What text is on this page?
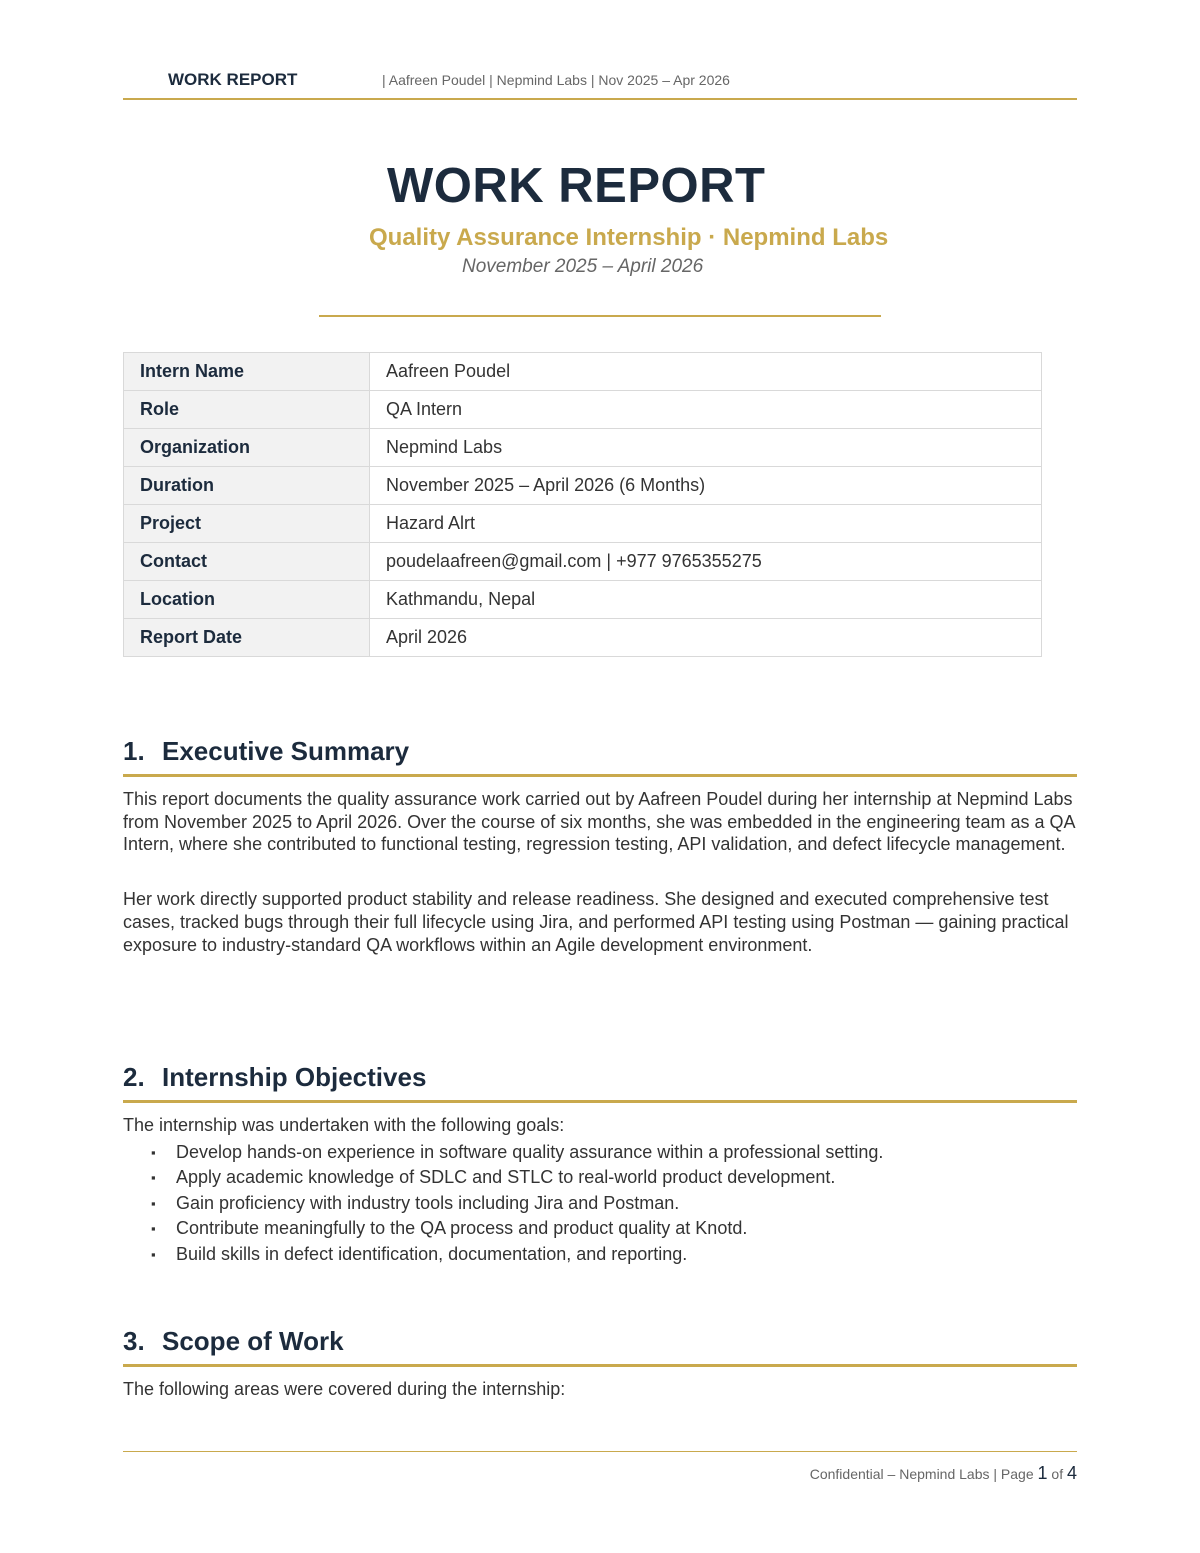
WORK REPORT	| Aafreen Poudel | Nepmind Labs | Nov 2025 – Apr 2026
WORK REPORT
Quality Assurance Internship · Nepmind Labs
November 2025 – April 2026
Intern Name	Aafreen Poudel
Role	QA Intern
Organization	Nepmind Labs
Duration	November 2025 – April 2026 (6 Months)
Project	Hazard Alrt
Contact	poudelaafreen@gmail.com | +977 9765355275
Location	Kathmandu, Nepal
Report Date	April 2026
1. Executive Summary

This report documents the quality assurance work carried out by Aafreen Poudel during her internship at Nepmind Labs from November 2025 to April 2026. Over the course of six months, she was embedded in the engineering team as a QA Intern, where she contributed to functional testing, regression testing, API validation, and defect lifecycle management.

Her work directly supported product stability and release readiness. She designed and executed comprehensive test cases, tracked bugs through their full lifecycle using Jira, and performed API testing using Postman — gaining practical exposure to industry-standard QA workflows within an Agile development environment.

2. Internship Objectives

The internship was undertaken with the following goals:

▪ Develop hands-on experience in software quality assurance within a professional setting.
▪ Apply academic knowledge of SDLC and STLC to real-world product development.
▪ Gain proficiency with industry tools including Jira and Postman.
▪ Contribute meaningfully to the QA process and product quality at Knotd.
▪ Build skills in defect identification, documentation, and reporting.
3. Scope of Work

The following areas were covered during the internship:

Confidential – Nepmind Labs | Page 1 of 4
